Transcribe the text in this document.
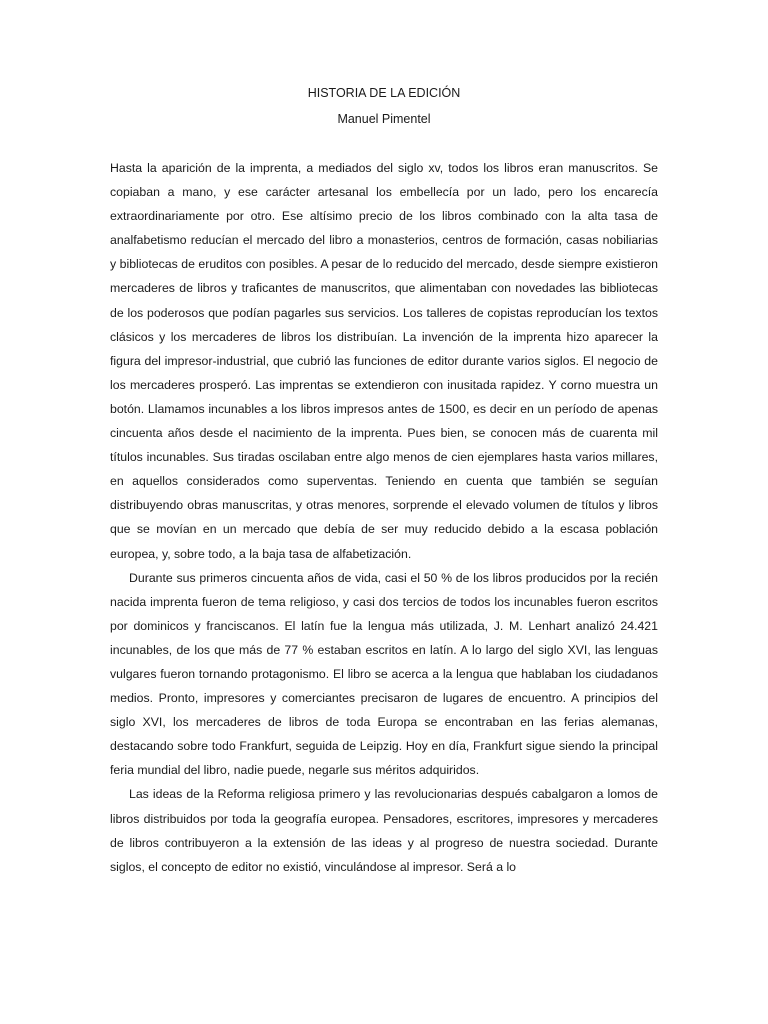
HISTORIA DE LA EDICIÓN
Manuel Pimentel

Hasta la aparición de la imprenta, a mediados del siglo xv, todos los libros eran manuscritos. Se copiaban a mano, y ese carácter artesanal los embellecía por un lado, pero los encarecía extraordinariamente por otro. Ese altísimo precio de los libros combinado con la alta tasa de analfabetismo reducían el mercado del libro a monasterios, centros de formación, casas nobiliarias y bibliotecas de eruditos con posibles. A pesar de lo reducido del mercado, desde siempre existieron mercaderes de libros y traficantes de manuscritos, que alimentaban con novedades las bibliotecas de los poderosos que podían pagarles sus servicios. Los talleres de copistas reproducían los textos clásicos y los mercaderes de libros los distribuían. La invención de la imprenta hizo aparecer la figura del impresor-industrial, que cubrió las funciones de editor durante varios siglos. El negocio de los mercaderes prosperó. Las imprentas se extendieron con inusitada rapidez. Y corno muestra un botón. Llamamos incunables a los libros impresos antes de 1500, es decir en un período de apenas cincuenta años desde el nacimiento de la imprenta. Pues bien, se conocen más de cuarenta mil títulos incunables. Sus tiradas oscilaban entre algo menos de cien ejemplares hasta varios millares, en aquellos considerados como superventas. Teniendo en cuenta que también se seguían distribuyendo obras manuscritas, y otras menores, sorprende el elevado volumen de títulos y libros que se movían en un mercado que debía de ser muy reducido debido a la escasa población europea, y, sobre todo, a la baja tasa de alfabetización.

Durante sus primeros cincuenta años de vida, casi el 50 % de los libros producidos por la recién nacida imprenta fueron de tema religioso, y casi dos tercios de todos los incunables fueron escritos por dominicos y franciscanos. El latín fue la lengua más utilizada, J. M. Lenhart analizó 24.421 incunables, de los que más de 77 % estaban escritos en latín. A lo largo del siglo XVI, las lenguas vulgares fueron tornando protagonismo. El libro se acerca a la lengua que hablaban los ciudadanos medios. Pronto, impresores y comerciantes precisaron de lugares de encuentro. A principios del siglo XVI, los mercaderes de libros de toda Europa se encontraban en las ferias alemanas, destacando sobre todo Frankfurt, seguida de Leipzig. Hoy en día, Frankfurt sigue siendo la principal feria mundial del libro, nadie puede, negarle sus méritos adquiridos.

Las ideas de la Reforma religiosa primero y las revolucionarias después cabalgaron a lomos de libros distribuidos por toda la geografía europea. Pensadores, escritores, impresores y mercaderes de libros contribuyeron a la extensión de las ideas y al progreso de nuestra sociedad. Durante siglos, el concepto de editor no existió, vinculándose al impresor. Será a lo
